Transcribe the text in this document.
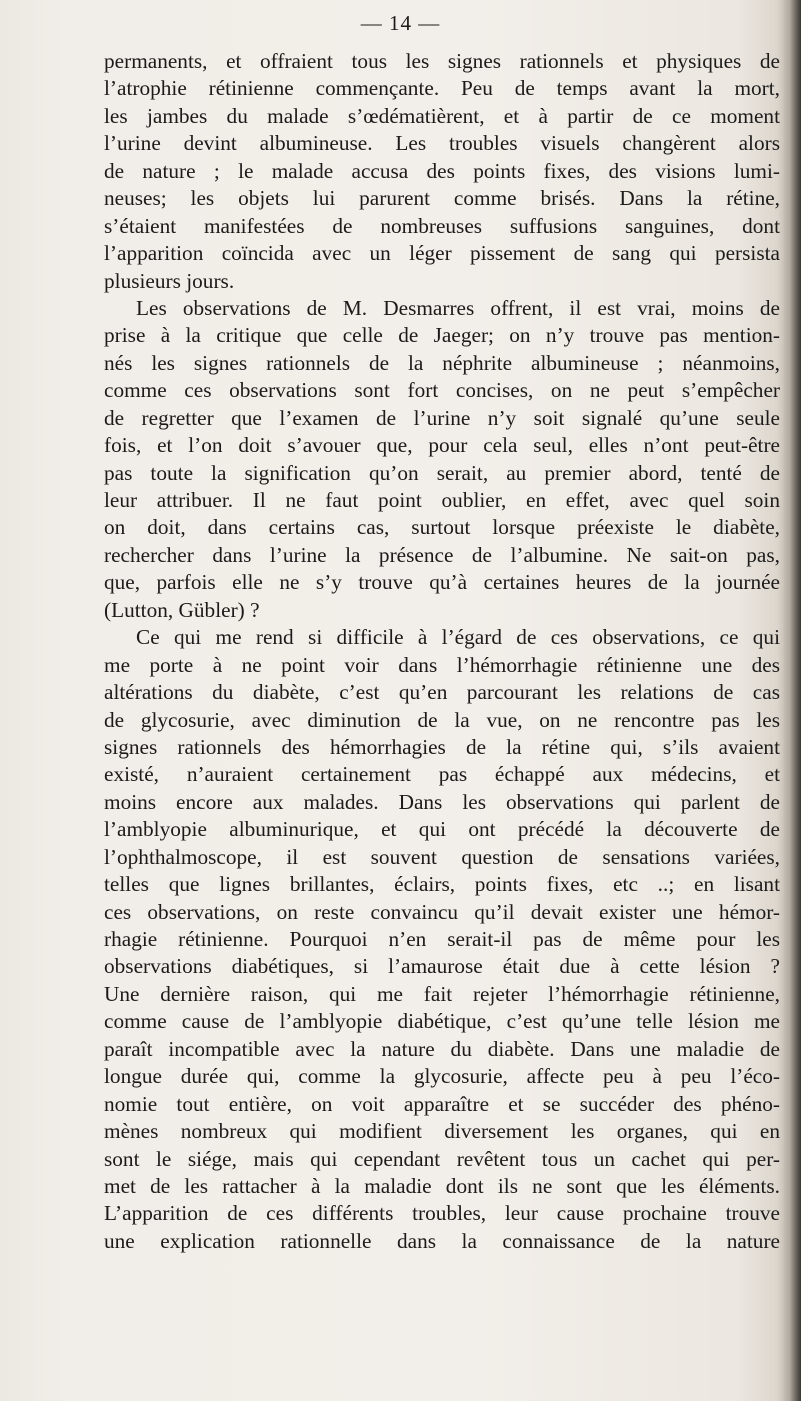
— 14 —
permanents, et offraient tous les signes rationnels et physiques de
l’atrophie rétinienne commençante. Peu de temps avant la mort,
les jambes du malade s’œdématièrent, et à partir de ce moment
l’urine devint albumineuse. Les troubles visuels changèrent alors
de nature ; le malade accusa des points fixes, des visions lumi-
neuses; les objets lui parurent comme brisés. Dans la rétine,
s’étaient manifestées de nombreuses suffusions sanguines, dont
l’apparition coïncida avec un léger pissement de sang qui persista
plusieurs jours.
Les observations de M. Desmarres offrent, il est vrai, moins de
prise à la critique que celle de Jaeger; on n’y trouve pas mention-
nés les signes rationnels de la néphrite albumineuse ; néanmoins,
comme ces observations sont fort concises, on ne peut s’empêcher
de regretter que l’examen de l’urine n’y soit signalé qu’une seule
fois, et l’on doit s’avouer que, pour cela seul, elles n’ont peut-être
pas toute la signification qu’on serait, au premier abord, tenté de
leur attribuer. Il ne faut point oublier, en effet, avec quel soin
on doit, dans certains cas, surtout lorsque préexiste le diabète,
rechercher dans l’urine la présence de l’albumine. Ne sait-on pas,
que, parfois elle ne s’y trouve qu’à certaines heures de la journée
(Lutton, Gübler) ?
Ce qui me rend si difficile à l’égard de ces observations, ce qui
me porte à ne point voir dans l’hémorrhagie rétinienne une des
altérations du diabète, c’est qu’en parcourant les relations de cas
de glycosurie, avec diminution de la vue, on ne rencontre pas les
signes rationnels des hémorrhagies de la rétine qui, s’ils avaient
existé, n’auraient certainement pas échappé aux médecins, et
moins encore aux malades. Dans les observations qui parlent de
l’amblyopie albuminurique, et qui ont précédé la découverte de
l’ophthalmoscope, il est souvent question de sensations variées,
telles que lignes brillantes, éclairs, points fixes, etc ..; en lisant
ces observations, on reste convaincu qu’il devait exister une hémor-
rhagie rétinienne. Pourquoi n’en serait-il pas de même pour les
observations diabétiques, si l’amaurose était due à cette lésion ?
Une dernière raison, qui me fait rejeter l’hémorrhagie rétinienne,
comme cause de l’amblyopie diabétique, c’est qu’une telle lésion me
paraît incompatible avec la nature du diabète. Dans une maladie de
longue durée qui, comme la glycosurie, affecte peu à peu l’éco-
nomie tout entière, on voit apparaître et se succéder des phéno-
mènes nombreux qui modifient diversement les organes, qui en
sont le siége, mais qui cependant revêtent tous un cachet qui per-
met de les rattacher à la maladie dont ils ne sont que les éléments.
L’apparition de ces différents troubles, leur cause prochaine trouve
une explication rationnelle dans la connaissance de la nature
